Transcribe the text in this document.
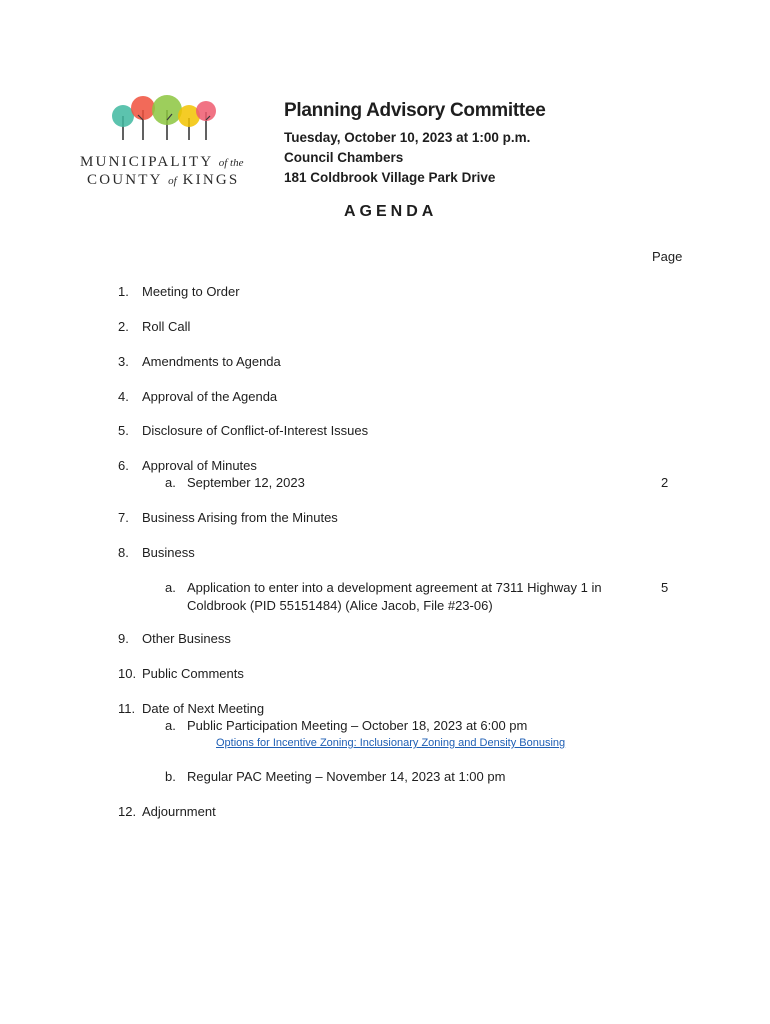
MUNICIPALITY of the
COUNTY of KINGS
Planning Advisory Committee
Tuesday, October 10, 2023 at 1:00 p.m.
Council Chambers
181 Coldbrook Village Park Drive
AGENDA
Page
1. Meeting to Order
2. Roll Call
3. Amendments to Agenda
4. Approval of the Agenda
5. Disclosure of Conflict-of-Interest Issues
6. Approval of Minutes
a. September 12, 2023	2
7. Business Arising from the Minutes
8. Business
a. Application to enter into a development agreement at 7311 Highway 1 in	5
Coldbrook (PID 55151484) (Alice Jacob, File #23-06)
9. Other Business
10. Public Comments
11. Date of Next Meeting
a. Public Participation Meeting – October 18, 2023 at 6:00 pm
Options for Incentive Zoning: Inclusionary Zoning and Density Bonusing
b. Regular PAC Meeting – November 14, 2023 at 1:00 pm
12. Adjournment
